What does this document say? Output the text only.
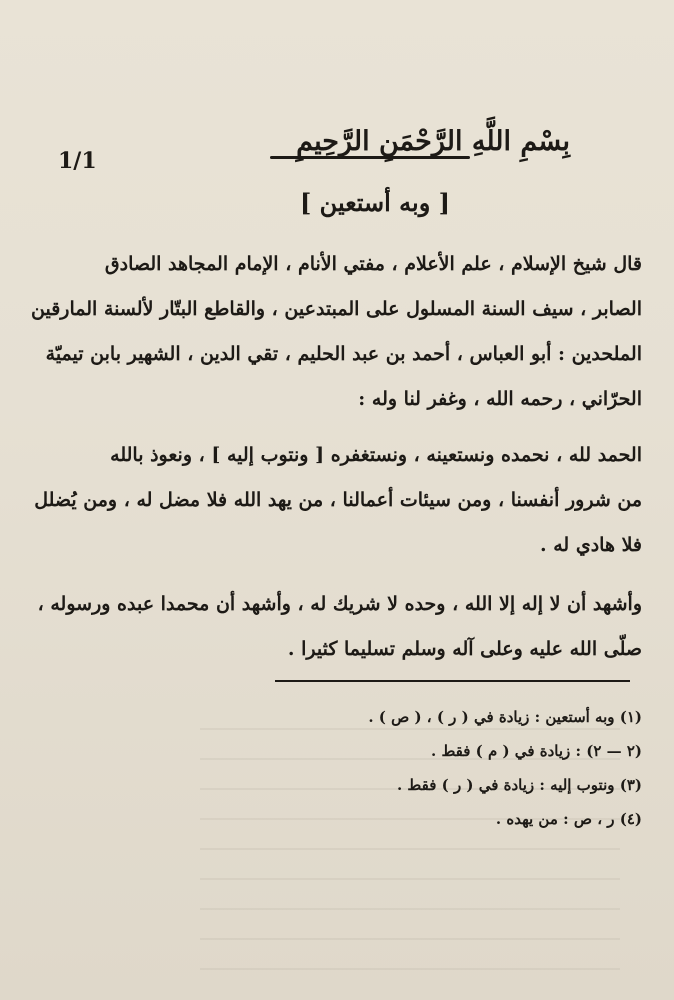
1/1
بِسْمِ اللَّهِ الرَّحْمَنِ الرَّحِيمِ
[ وبه أستعين ]
قال شيخ الإسلام ، علم الأعلام ، مفتي الأنام ، الإمام المجاهد الصادق
الصابر ، سيف السنة المسلول على المبتدعين ، والقاطع البتّار لألسنة المارقين
الملحدين : أبو العباس ، أحمد بن عبد الحليم ، تقي الدين ، الشهير بابن تيميّة
الحرّاني ، رحمه الله ، وغفر لنا وله :
الحمد لله ، نحمده ونستعينه ، ونستغفره [ ونتوب إليه ] ، ونعوذ بالله
من شرور أنفسنا ، ومن سيئات أعمالنا ، من يهد الله فلا مضل له ، ومن يُضلل
فلا هادي له .
وأشهد أن لا إله إلا الله ، وحده لا شريك له ، وأشهد أن محمدا عبده ورسوله ،
صلّى الله عليه وعلى آله وسلم تسليما كثيرا .
(١) وبه أستعين : زيادة في ( ر ) ، ( ص ) .
(٢ — ٢) : زيادة في ( م ) فقط .
(٣) ونتوب إليه : زيادة في ( ر ) فقط .
(٤) ر ، ص : من يهده .
